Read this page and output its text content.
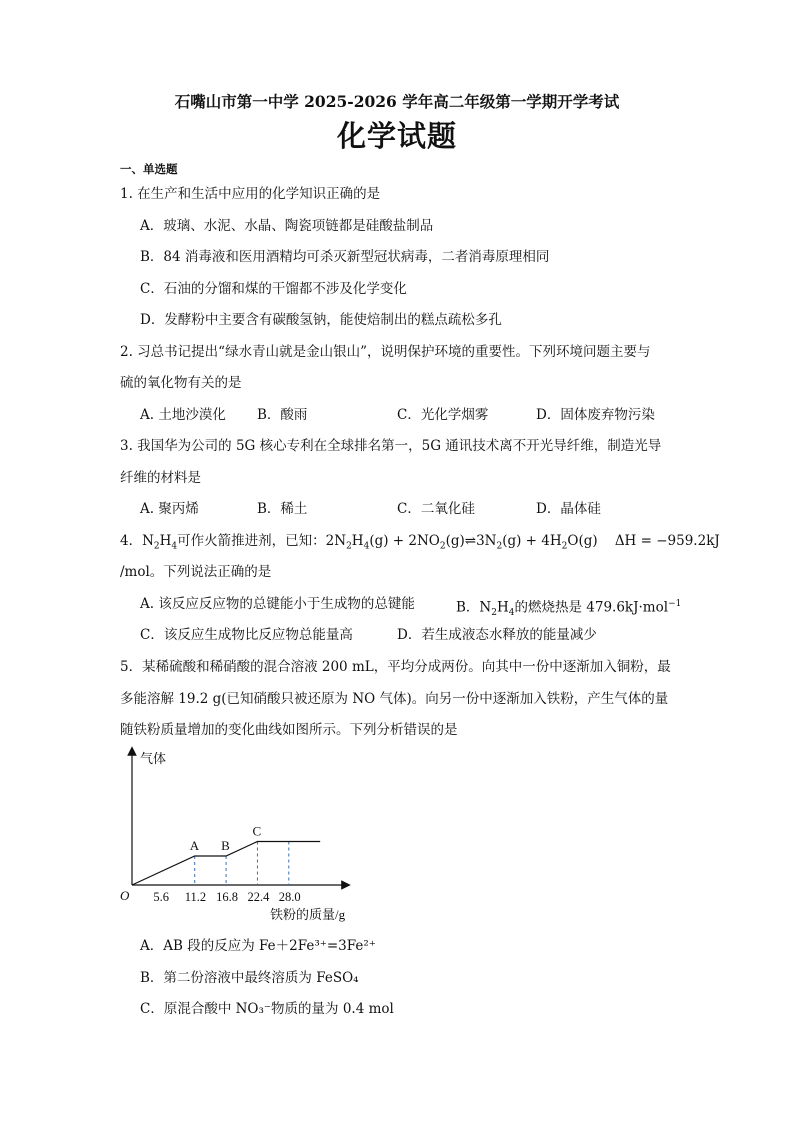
石嘴山市第一中学 2025-2026 学年高二年级第一学期开学考试
化学试题
一、单选题
1. 在生产和生活中应用的化学知识正确的是
A．玻璃、水泥、水晶、陶瓷项链都是硅酸盐制品
B．84 消毒液和医用酒精均可杀灭新型冠状病毒，二者消毒原理相同
C．石油的分馏和煤的干馏都不涉及化学变化
D．发酵粉中主要含有碳酸氢钠，能使焙制出的糕点疏松多孔
2. 习总书记提出“绿水青山就是金山银山”，说明保护环境的重要性。下列环境问题主要与
硫的氧化物有关的是
A. 土地沙漠化 B．酸雨	C．光化学烟雾	D．固体废弃物污染
3. 我国华为公司的 5G 核心专利在全球排名第一，5G 通讯技术离不开光导纤维，制造光导
纤维的材料是
A. 聚丙烯	B．稀土	C．二氧化硅	D．晶体硅
4．$N_2H_4$可作火箭推进剂，已知：$2N_2H_4(g)$ + $2NO_2(g)\rightleftharpoons 3N_2(g) + 4H_2O(g) \Delta H = -959.2kJ$
/mol。下列说法正确的是
A. 该反应反应物的总键能小于生成物的总键能	B．$N_2H_4$的燃烧热是 479.6kJ·mol$^{-1}$
C．该反应生成物比反应物总能量高	D．若生成液态水释放的能量减少
5．某稀硫酸和稀硝酸的混合溶液 200 mL，平均分成两份。向其中一份中逐渐加入铜粉，最
多能溶解 19.2 g(已知硝酸只被还原为 NO 气体)。向另一份中逐渐加入铁粉，产生气体的量
随铁粉质量增加的变化曲线如图所示。下列分析错误的是
气体
铁粉的质量/g
O 5.6 11.2 16.8 22.4 28.0
A B
C
A．AB 段的反应为 Fe＋2Fe³⁺=3Fe²⁺
B．第二份溶液中最终溶质为 FeSO₄
C．原混合酸中 NO₃⁻物质的量为 0.4 mol
